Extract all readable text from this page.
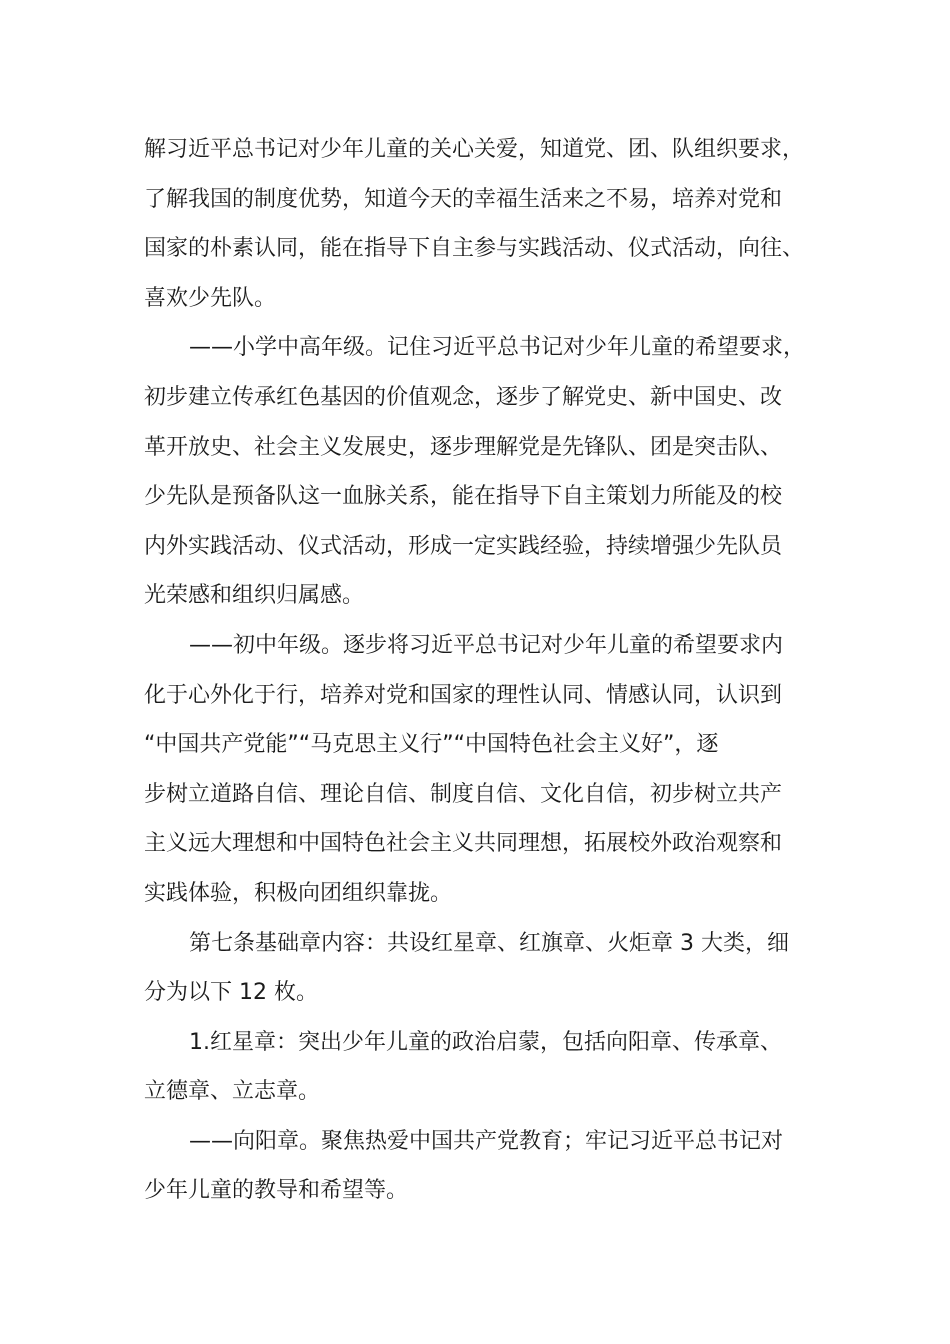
解习近平总书记对少年儿童的关心关爱，知道党、团、队组织要求，
了解我国的制度优势，知道今天的幸福生活来之不易，培养对党和
国家的朴素认同，能在指导下自主参与实践活动、仪式活动，向往、
喜欢少先队。
——小学中高年级。记住习近平总书记对少年儿童的希望要求，
初步建立传承红色基因的价值观念，逐步了解党史、新中国史、改
革开放史、社会主义发展史，逐步理解党是先锋队、团是突击队、
少先队是预备队这一血脉关系，能在指导下自主策划力所能及的校
内外实践活动、仪式活动，形成一定实践经验，持续增强少先队员
光荣感和组织归属感。
——初中年级。逐步将习近平总书记对少年儿童的希望要求内
化于心外化于行，培养对党和国家的理性认同、情感认同，认识到
“中国共产党能”“马克思主义行”“中国特色社会主义好”，逐
步树立道路自信、理论自信、制度自信、文化自信，初步树立共产
主义远大理想和中国特色社会主义共同理想，拓展校外政治观察和
实践体验，积极向团组织靠拢。
第七条基础章内容：共设红星章、红旗章、火炬章 3 大类，细
分为以下 12 枚。
1.红星章：突出少年儿童的政治启蒙，包括向阳章、传承章、
立德章、立志章。
——向阳章。聚焦热爱中国共产党教育；牢记习近平总书记对
少年儿童的教导和希望等。
